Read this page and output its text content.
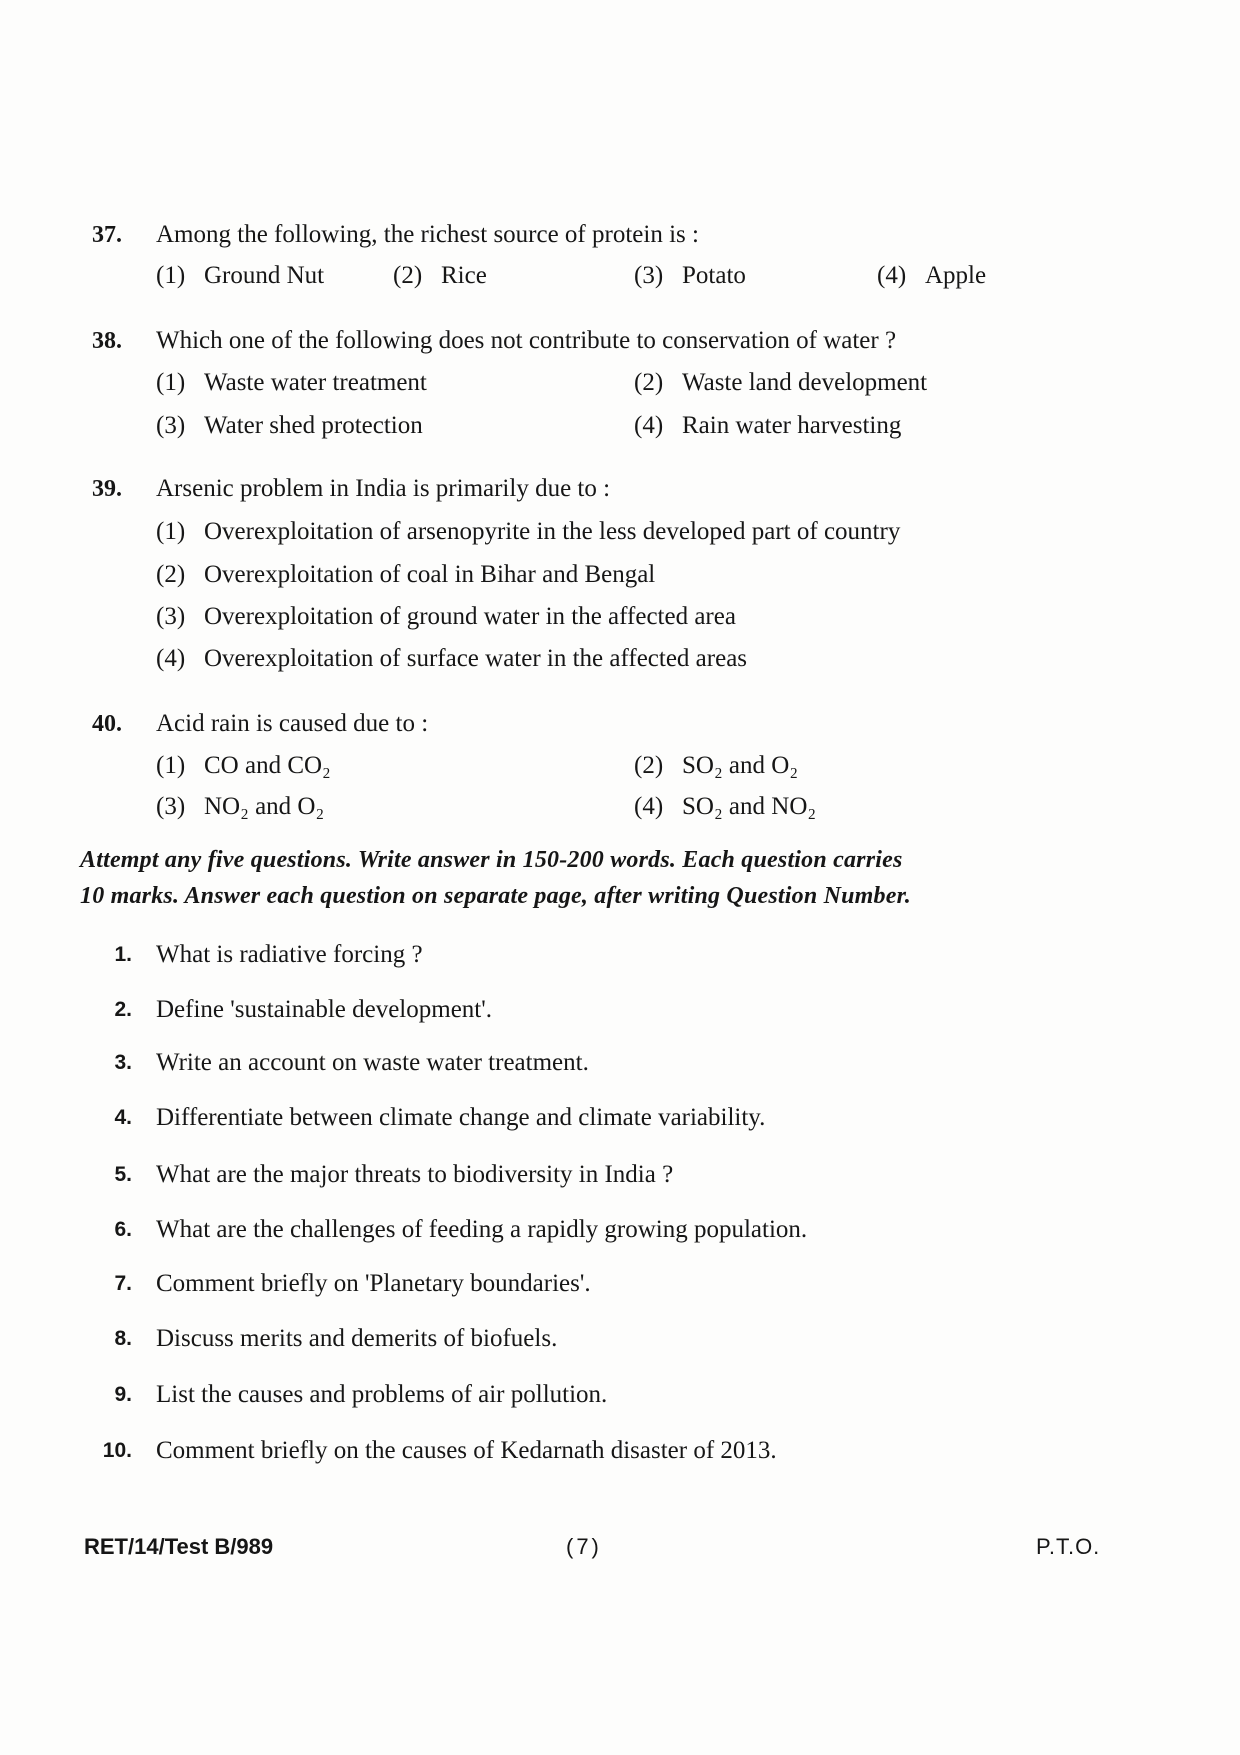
37. Among the following, the richest source of protein is :
(1) Ground Nut	(2) Rice	(3) Potato	(4) Apple
38. Which one of the following does not contribute to conservation of water ?
(1) Waste water treatment	(2) Waste land development
(3) Water shed protection	(4) Rain water harvesting
39. Arsenic problem in India is primarily due to :
(1) Overexploitation of arsenopyrite in the less developed part of country
(2) Overexploitation of coal in Bihar and Bengal
(3) Overexploitation of ground water in the affected area
(4) Overexploitation of surface water in the affected areas
40. Acid rain is caused due to :
(1) CO and CO₂	(2) SO₂ and O₂
(3) NO₂ and O₂	(4) SO₂ and NO₂
Attempt any five questions. Write answer in 150-200 words. Each question carries
10 marks. Answer each question on separate page, after writing Question Number.
1. What is radiative forcing ?
2. Define 'sustainable development'.
3. Write an account on waste water treatment.
4. Differentiate between climate change and climate variability.
5. What are the major threats to biodiversity in India ?
6. What are the challenges of feeding a rapidly growing population.
7. Comment briefly on 'Planetary boundaries'.
8. Discuss merits and demerits of biofuels.
9. List the causes and problems of air pollution.
10. Comment briefly on the causes of Kedarnath disaster of 2013.
RET/14/Test B/989	(7)	P.T.O.
